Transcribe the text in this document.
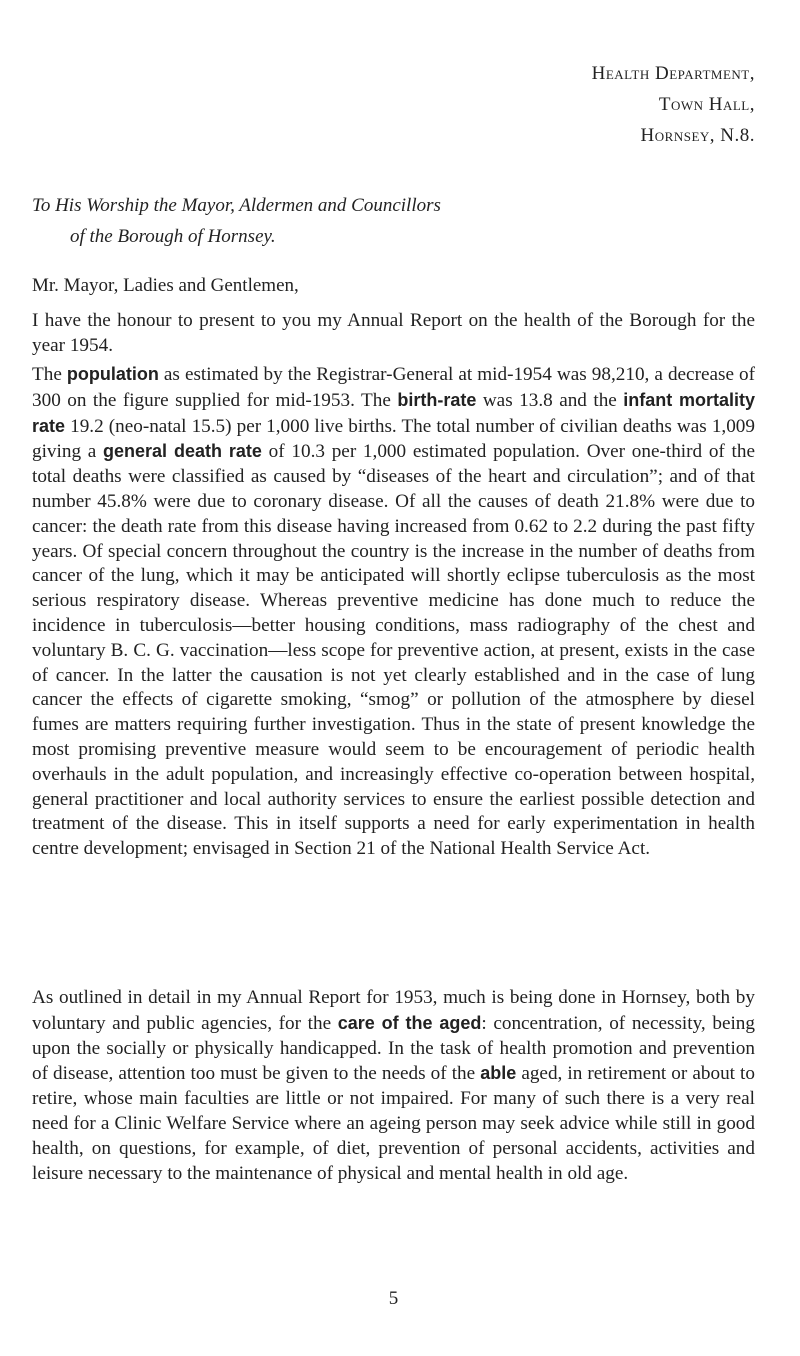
Health Department,
Town Hall,
Hornsey, N.8.
To His Worship the Mayor, Aldermen and Councillors
of the Borough of Hornsey.
Mr. Mayor, Ladies and Gentlemen,

I have the honour to present to you my Annual Report on the health of the Borough for the year 1954.

The population as estimated by the Registrar-General at mid-1954 was 98,210, a decrease of 300 on the figure supplied for mid-1953. The birth-rate was 13.8 and the infant mortality rate 19.2 (neo-natal 15.5) per 1,000 live births. The total number of civilian deaths was 1,009 giving a general death rate of 10.3 per 1,000 estimated population. Over one-third of the total deaths were classified as caused by “diseases of the heart and circulation”; and of that number 45.8% were due to coronary disease. Of all the causes of death 21.8% were due to cancer: the death rate from this disease having increased from 0.62 to 2.2 during the past fifty years. Of special concern throughout the country is the increase in the number of deaths from cancer of the lung, which it may be anticipated will shortly eclipse tuberculosis as the most serious respiratory disease. Whereas preventive medicine has done much to reduce the incidence in tuberculosis—better housing conditions, mass radiography of the chest and voluntary B. C. G. vaccination—less scope for preventive action, at present, exists in the case of cancer. In the latter the causation is not yet clearly established and in the case of lung cancer the effects of cigarette smoking, “smog” or pollution of the atmosphere by diesel fumes are matters requiring further investigation. Thus in the state of present knowledge the most promising preventive measure would seem to be encouragement of periodic health overhauls in the adult population, and increasingly effective co-operation between hospital, general practitioner and local authority services to ensure the earliest possible detection and treatment of the disease. This in itself supports a need for early experimentation in health centre development; envisaged in Section 21 of the National Health Service Act.

As outlined in detail in my Annual Report for 1953, much is being done in Hornsey, both by voluntary and public agencies, for the care of the aged: concentration, of necessity, being upon the socially or physically handicapped. In the task of health promotion and prevention of disease, attention too must be given to the needs of the able aged, in retirement or about to retire, whose main faculties are little or not impaired. For many of such there is a very real need for a Clinic Welfare Service where an ageing person may seek advice while still in good health, on questions, for example, of diet, prevention of personal accidents, activities and leisure necessary to the maintenance of physical and mental health in old age.

5
